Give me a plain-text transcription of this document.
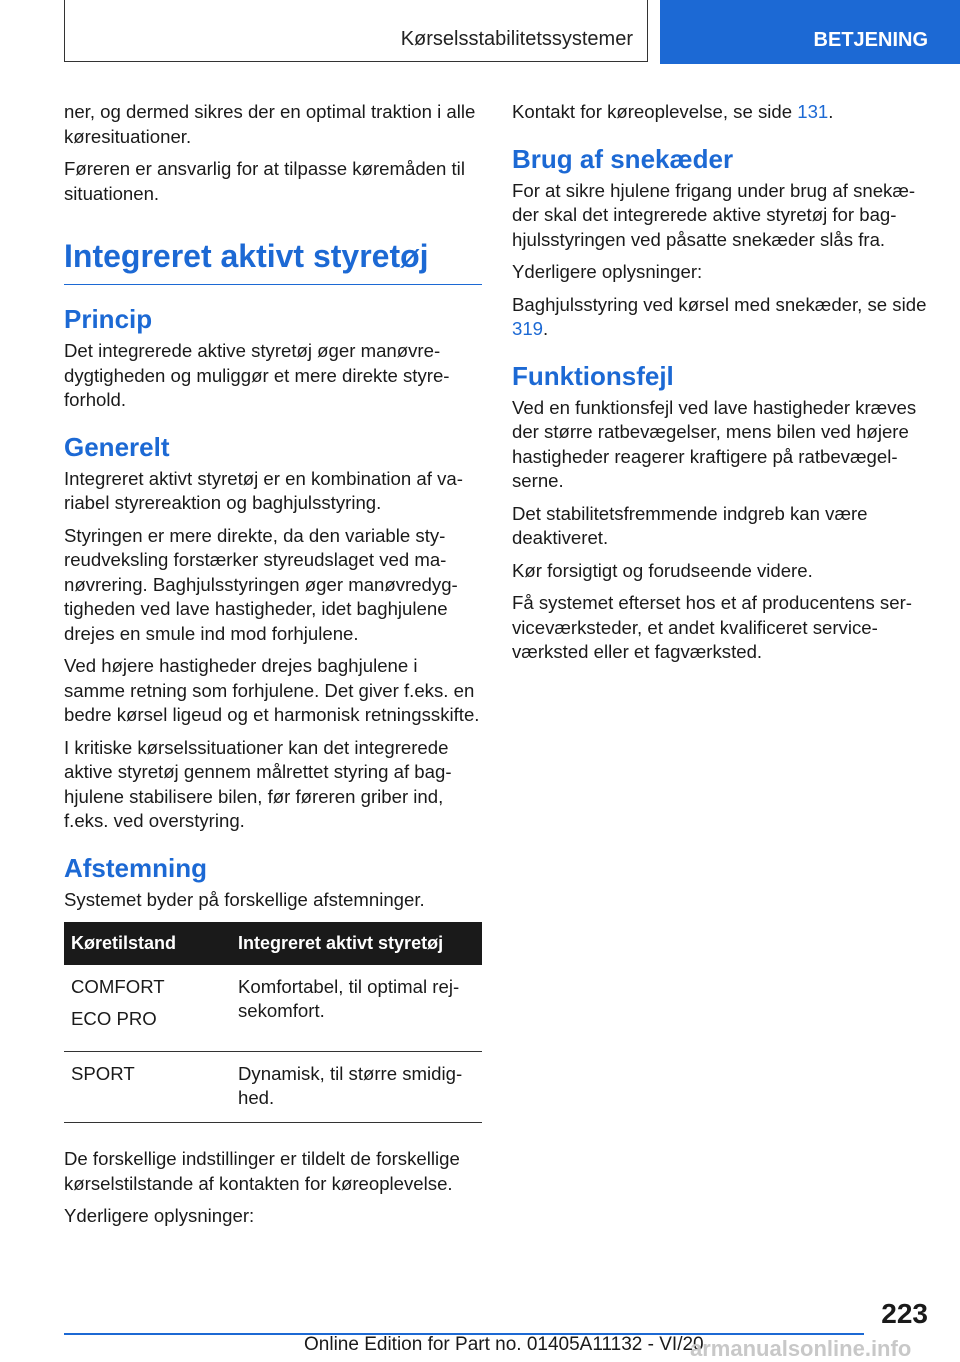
Kørselsstabilitetssystemer	BETJENING

ner, og dermed sikres der en optimal traktion i alle køresituationer.

Føreren er ansvarlig for at tilpasse køremåden til situationen.

Integreret aktivt styretøj
Princip

Det integrerede aktive styretøj øger manøvredygtigheden og muliggør et mere direkte styreforhold.

Generelt

Integreret aktivt styretøj er en kombination af variabel styrereaktion og baghjulsstyring.

Styringen er mere direkte, da den variable styreudveksling forstærker styreudslaget ved manøvrering. Baghjulsstyringen øger manøvredygtigheden ved lave hastigheder, idet baghjulene drejes en smule ind mod forhjulene.

Ved højere hastigheder drejes baghjulene i samme retning som forhjulene. Det giver f.eks. en bedre kørsel ligeud og et harmonisk retningsskifte.

I kritiske kørselssituationer kan det integrerede aktive styretøj gennem målrettet styring af baghjulene stabilisere bilen, før føreren griber ind, f.eks. ved overstyring.

Afstemning

Systemet byder på forskellige afstemninger.

Køretilstand	Integreret aktivt styretøj

COMFORT
ECO PRO	Komfortabel, til optimal rejsekomfort.

SPORT	Dynamisk, til større smidighed.

De forskellige indstillinger er tildelt de forskellige kørselstilstande af kontakten for køreoplevelse.

Yderligere oplysninger:

Kontakt for køreoplevelse, se side 131.

Brug af snekæder

For at sikre hjulene frigang under brug af snekæder skal det integrerede aktive styretøj for baghjulsstyringen ved påsatte snekæder slås fra.

Yderligere oplysninger:

Baghjulsstyring ved kørsel med snekæder, se side 319.

Funktionsfejl

Ved en funktionsfejl ved lave hastigheder kræves der større ratbevægelser, mens bilen ved højere hastigheder reagerer kraftigere på ratbevægelserne.

Det stabilitetsfremmende indgreb kan være deaktiveret.

Kør forsigtigt og forudseende videre.

Få systemet efterset hos et af producentens serviceværksteder, et andet kvalificeret serviceværksted eller et fagværksted.

223
Online Edition for Part no. 01405A11132 - VI/20
armanualsonline.info
